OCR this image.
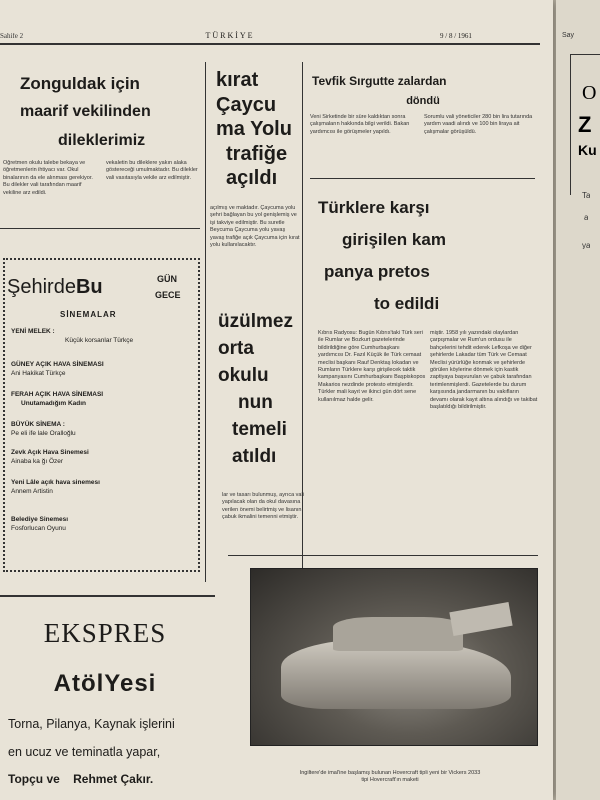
Sahife 2	TÜRKİYE	9 / 8 / 1961
Zonguldak için
maarif vekilinden
dileklerimiz
Öğretmen okulu talebe bekaya ve öğretmenlerin ihtiyacı var. Okul binalarının da ele alınması gerekiyor. Bu dilekler vali tarafından maarif vekiline arz edildi.
vekaletin bu dileklere yakın alaka göstereceği umulmaktadır. Bu dilekler vali vasıtasıyla vekile arz edilmiştir.
kırat
Çaycu
ma Yolu
trafiğe
açıldı
açılmış ve maktadır. Çaycuma yolu şehri bağlayan bu yol genişlemiş ve işi takviye edilmiştir. Bu suretle Beycuma Çaycuma yolu yavaş yavaş trafiğe açık Çaycuma için kırat yolu kullanılacaktır.
üzülmez
orta
okulu
nun
temeli
atıldı
lar ve tasarı bulunmuş, ayrıca vali yapılacak olan da okul davasına verilen önemi belirtmiş ve lisanın çabuk ikmalini temenni etmiştir.
Tevfik Sırgutte zalardan
döndü
Veni Sirketinde bir süre kaldıktan sonra çalışmaların hakkında bilgi verildi. Bakan yardımcısı ile görüşmeler yapıldı.
Sorumlu vali yöneticiler 280 bin lira tutarında yardım vaadi alındı ve 100 bin liraya ait çalışmalar görüşüldü.
Türklere karşı
girişilen kam
panya pretos
to edildi
Kıbrıs Radyosu: Bugün Kıbrıs'taki Türk seri ile Rumlar ve Bozkurt gazetelerinde bildirildiğine göre Cumhurbaşkanı yardımcısı Dr. Fazıl Küçük ile Türk cemaat meclisi başkanı Rauf Denktaş lokadan ve Rumların Türklere karşı girişilecek taktik kampanyasını Cumhurbaşkanı Başpiskopos Makarios nezdinde protesto etmişlerdir. Türkler mali kayıt ve ikinci gün dört sene kullanılmaz halde gelir.
miştir. 1958 yılı yazındaki olaylardan çarpışmalar ve Rum'un ordusu ile bahçelerini tehdit ederek Lefkoşa ve diğer şehirlerde Lakadar tüm Türk ve Cemaat Meclisi yürürlüğe konmak ve şehirlerde görülen köylerine dönmek için kastik zaptiyaya başvurulan ve çabuk tarafından terimlenmişlerdi. Gazetelerde bu durum karşısında jandarmanın bu vakıfların devamı olarak kayıt altına alındığı ve takibat başlatıldığı bildirilmiştir.
ŞehirdeBu	GÜN
GECE
SİNEMALAR
YENİ MELEK :
Küçük korsanlar Türkçe
GÜNEY AÇIK HAVA SİNEMASI
Ani Hakikat Türkçe
FERAH AÇIK HAVA SİNEMASI
Unutamadığım Kadın
BÜYÜK SİNEMA :
Pe eli ife lale Oralloğlu
Zevk Açık Hava Sinemesi
Ainaba ka ğı Özer
Yeni Lâle açık hava sinemesı
Annem Artistin
Belediye Sinemesı
Fosforlucan Oyunu
EKSPRES
AtölYesi
Torna, Pilanya, Kaynak işlerini
en ucuz ve teminatla yapar,
Topçu ve Rehmet Çakır.	İngiltere'de imal'ine başlamış bulunan Hovercraft tipli yeni bir Vickers 2033
tipi Hovercraft'ın maketi
Say
O
Z
Ku
Ta
a
ya
